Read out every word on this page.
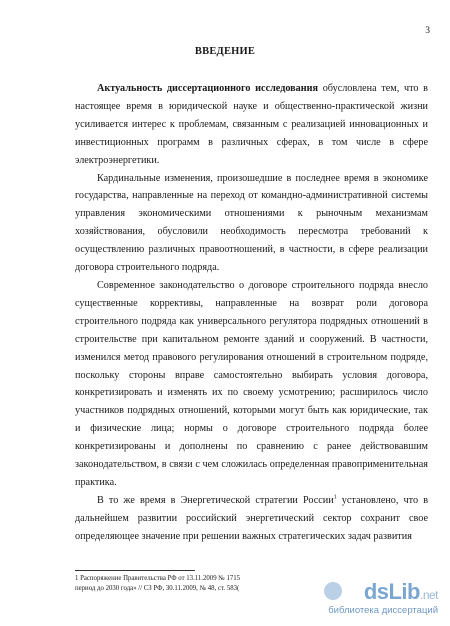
3
ВВЕДЕНИЕ

Актуальность диссертационного исследования обусловлена тем, что в настоящее время в юридической науке и общественно-практической жизни усиливается интерес к проблемам, связанным с реализацией инновационных и инвестиционных программ в различных сферах, в том числе в сфере электроэнергетики.

Кардинальные изменения, произошедшие в последнее время в экономике государства, направленные на переход от командно-административной системы управления экономическими отношениями к рыночным механизмам хозяйствования, обусловили необходимость пересмотра требований к осуществлению различных правоотношений, в частности, в сфере реализации договора строительного подряда.

Современное законодательство о договоре строительного подряда внесло существенные коррективы, направленные на возврат роли договора строительного подряда как универсального регулятора подрядных отношений в строительстве при капитальном ремонте зданий и сооружений. В частности, изменился метод правового регулирования отношений в строительном подряде, поскольку стороны вправе самостоятельно выбирать условия договора, конкретизировать и изменять их по своему усмотрению; расширилось число участников подрядных отношений, которыми могут быть как юридические, так и физические лица; нормы о договоре строительного подряда более конкретизированы и дополнены по сравнению с ранее действовавшим законодательством, в связи с чем сложилась определенная правоприменительная практика.

В то же время в Энергетической стратегии России$^1$ установлено, что в дальнейшем развитии российский энергетический сектор сохранит свое определяющее значение при решении важных стратегических задач развития

1 Распоряжение Правительства РФ от 13.11.2009 № 1715

период до 2030 года» // СЗ РФ, 30.11.2009, № 48, ст. 583(	dsLib.net
библиотека диссертаций
